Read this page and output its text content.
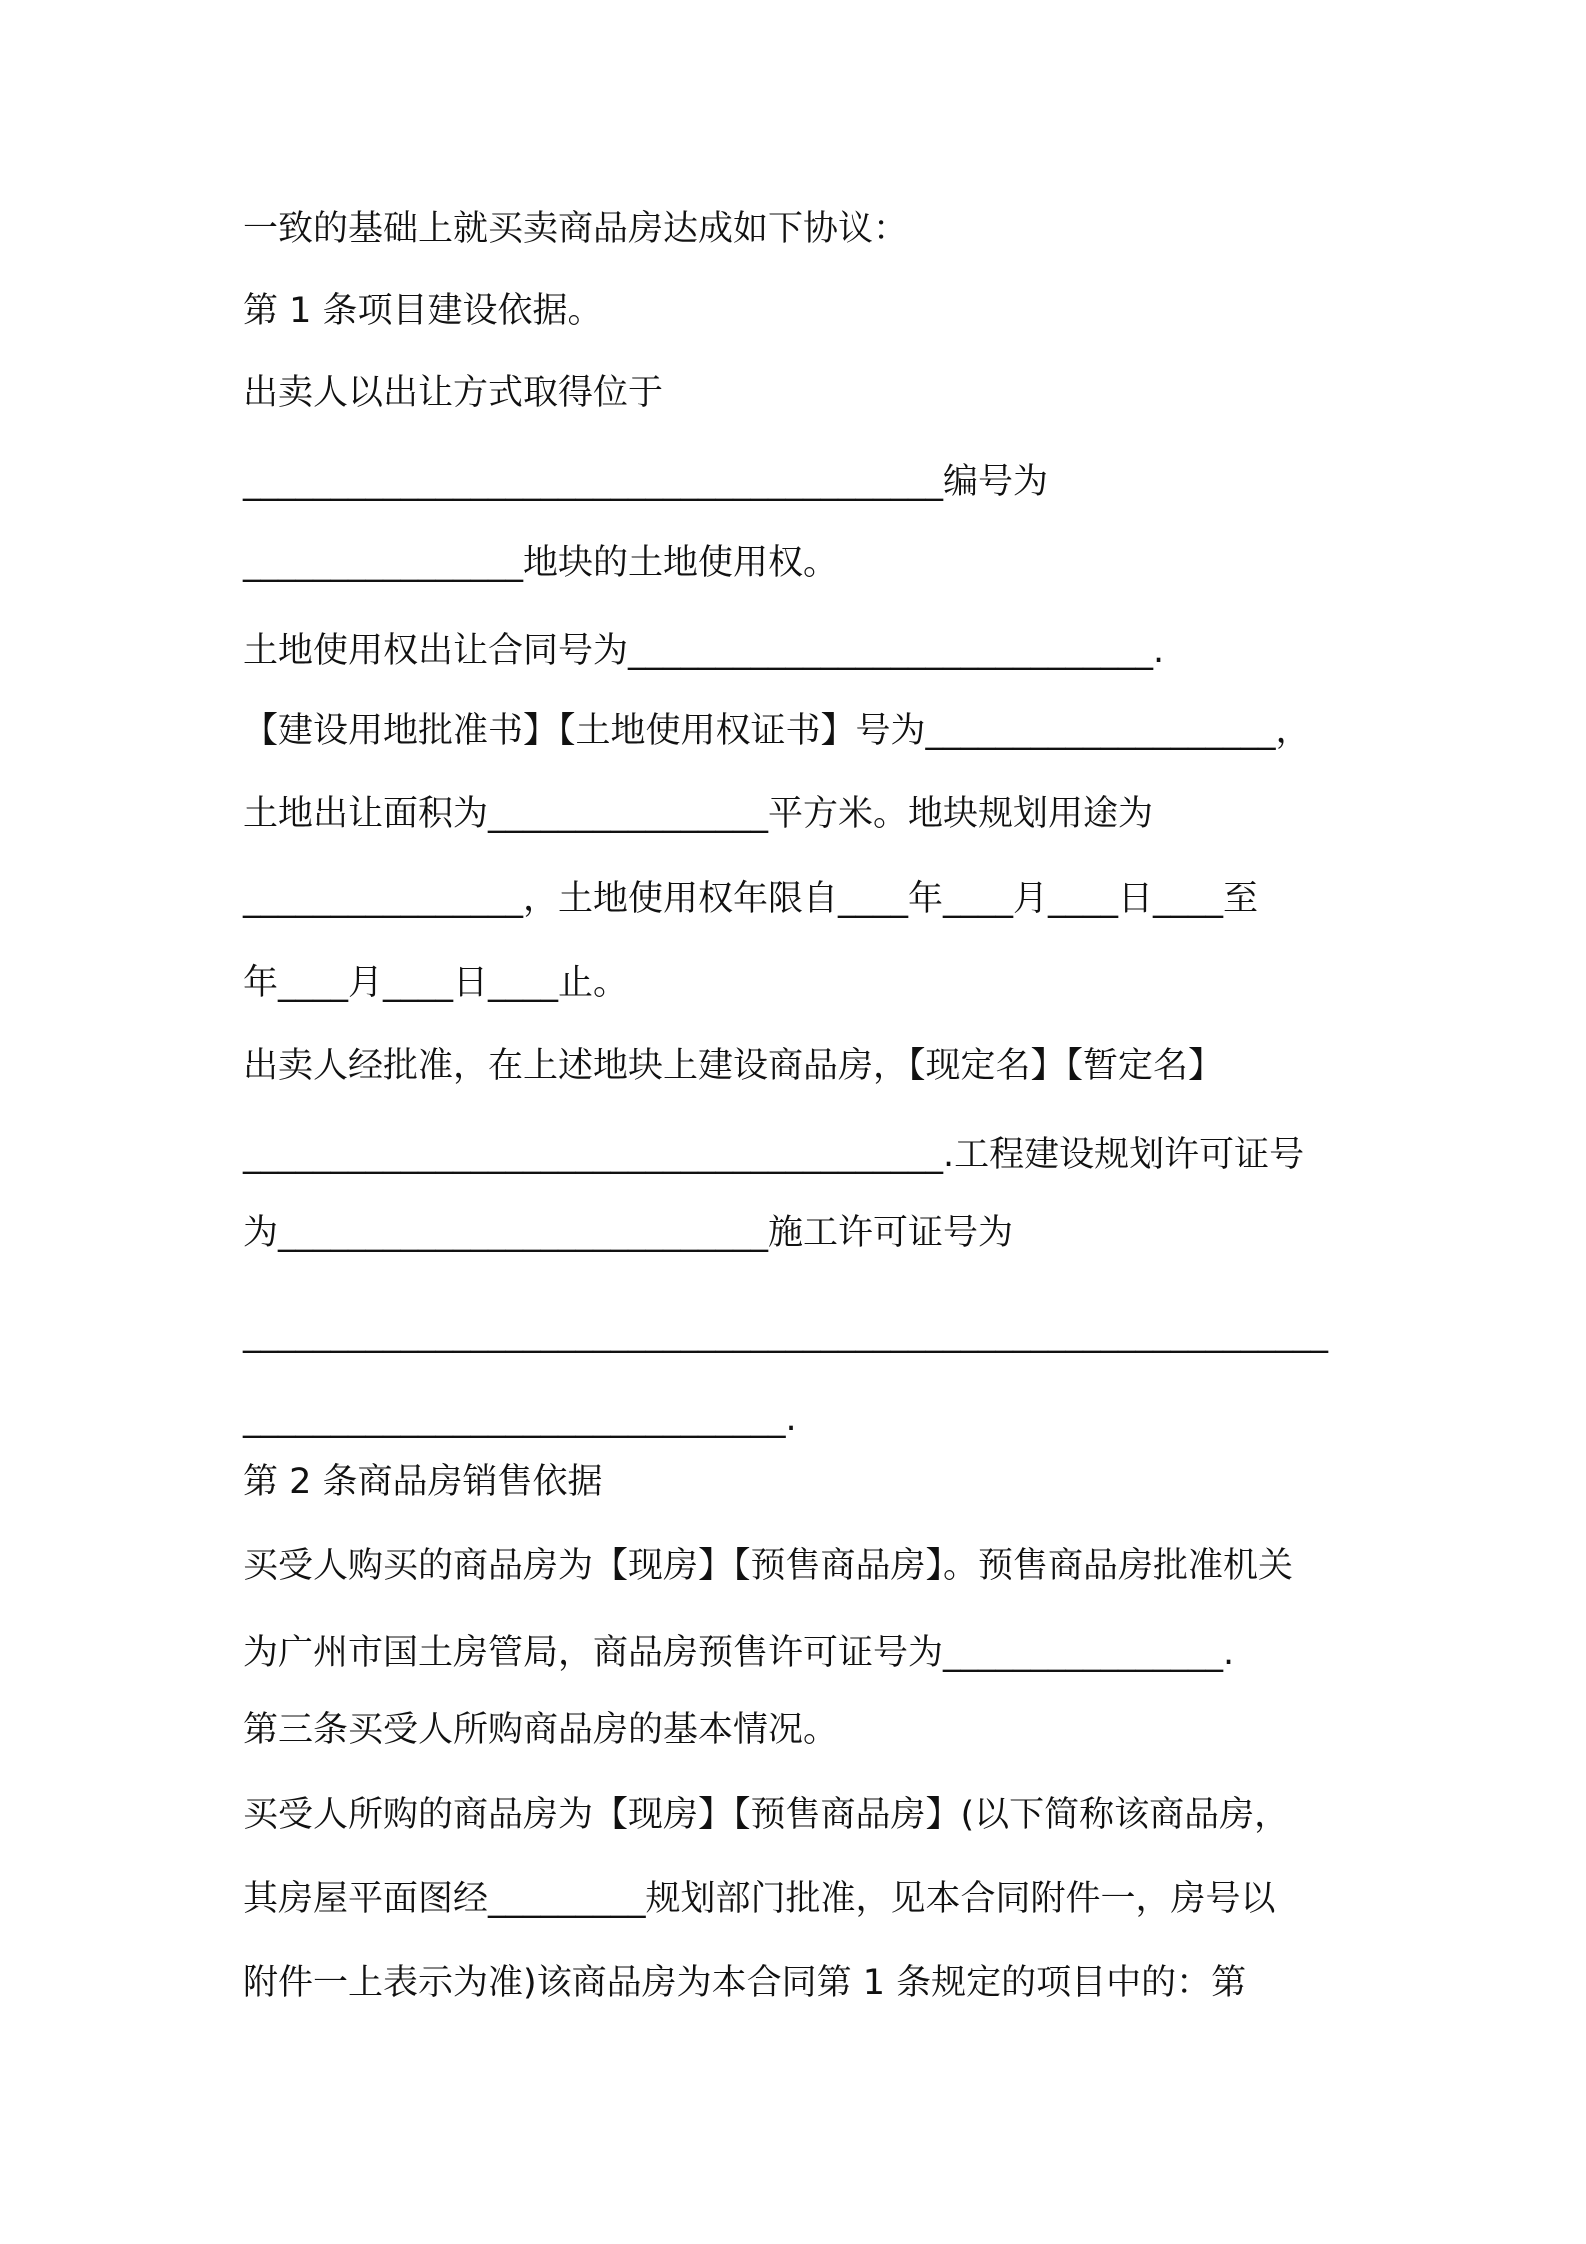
一致的基础上就买卖商品房达成如下协议：
第 1 条项目建设依据。
出卖人以出让方式取得位于
________________________________________编号为
________________地块的土地使用权。
土地使用权出让合同号为______________________________.
【建设用地批准书】【土地使用权证书】号为____________________，
土地出让面积为________________平方米。地块规划用途为
________________，土地使用权年限自____年____月____日____至
年____月____日____止。
出卖人经批准，在上述地块上建设商品房，【现定名】【暂定名】
________________________________________.工程建设规划许可证号
为____________________________施工许可证号为
______________________________________________________________
_______________________________.
第 2 条商品房销售依据
买受人购买的商品房为【现房】【预售商品房】。预售商品房批准机关
为广州市国土房管局，商品房预售许可证号为________________.
第三条买受人所购商品房的基本情况。
买受人所购的商品房为【现房】【预售商品房】(以下简称该商品房，
其房屋平面图经_________规划部门批准，见本合同附件一，房号以
附件一上表示为准)该商品房为本合同第 1 条规定的项目中的：第
